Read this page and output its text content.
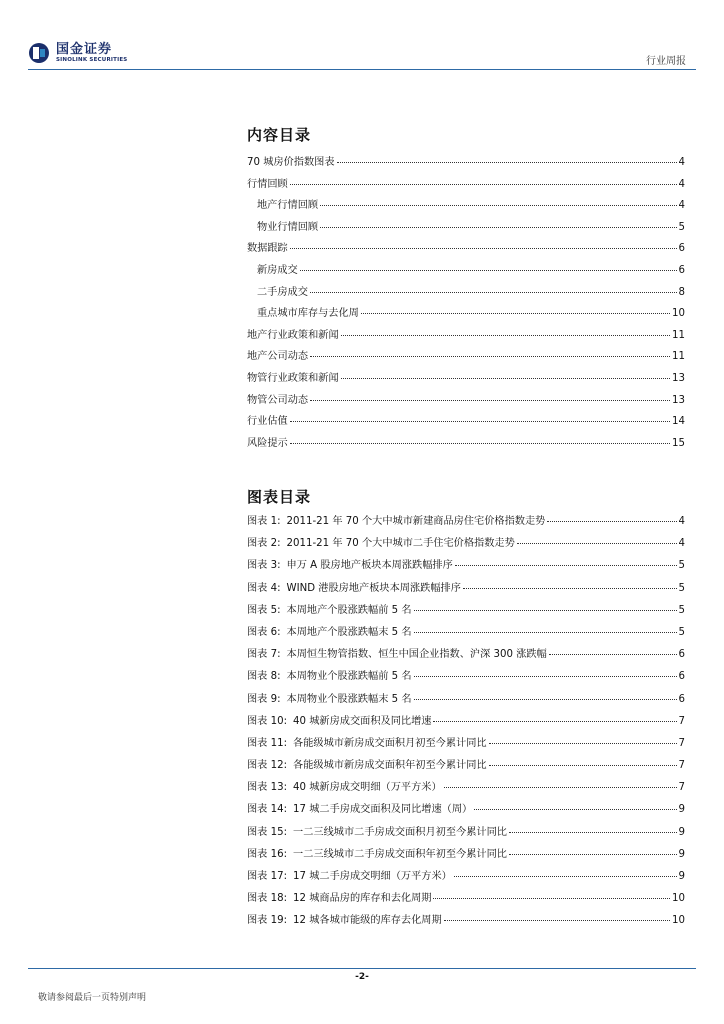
国金证券
SINOLINK SECURITIES	行业周报
内容目录
70 城房价指数图表	4
行情回顾	4
地产行情回顾	4
物业行情回顾	5
数据跟踪	6
新房成交	6
二手房成交	8
重点城市库存与去化周	10
地产行业政策和新闻	11
地产公司动态	11
物管行业政策和新闻	13
物管公司动态	13
行业估值	14
风险提示	15
图表目录
图表 1: 2011-21 年 70 个大中城市新建商品房住宅价格指数走势	4
图表 2: 2011-21 年 70 个大中城市二手住宅价格指数走势	4
图表 3: 申万 A 股房地产板块本周涨跌幅排序	5
图表 4: WIND 港股房地产板块本周涨跌幅排序	5
图表 5: 本周地产个股涨跌幅前 5 名	5
图表 6: 本周地产个股涨跌幅末 5 名	5
图表 7: 本周恒生物管指数、恒生中国企业指数、沪深 300 涨跌幅	6
图表 8: 本周物业个股涨跌幅前 5 名	6
图表 9: 本周物业个股涨跌幅末 5 名	6
图表 10: 40 城新房成交面积及同比增速	7
图表 11: 各能级城市新房成交面积月初至今累计同比	7
图表 12: 各能级城市新房成交面积年初至今累计同比	7
图表 13: 40 城新房成交明细（万平方米）	7
图表 14: 17 城二手房成交面积及同比增速（周）	9
图表 15: 一二三线城市二手房成交面积月初至今累计同比	9
图表 16: 一二三线城市二手房成交面积年初至今累计同比	9
图表 17: 17 城二手房成交明细（万平方米）	9
图表 18: 12 城商品房的库存和去化周期	10
图表 19: 12 城各城市能级的库存去化周期	10
-2-
敬请参阅最后一页特别声明
